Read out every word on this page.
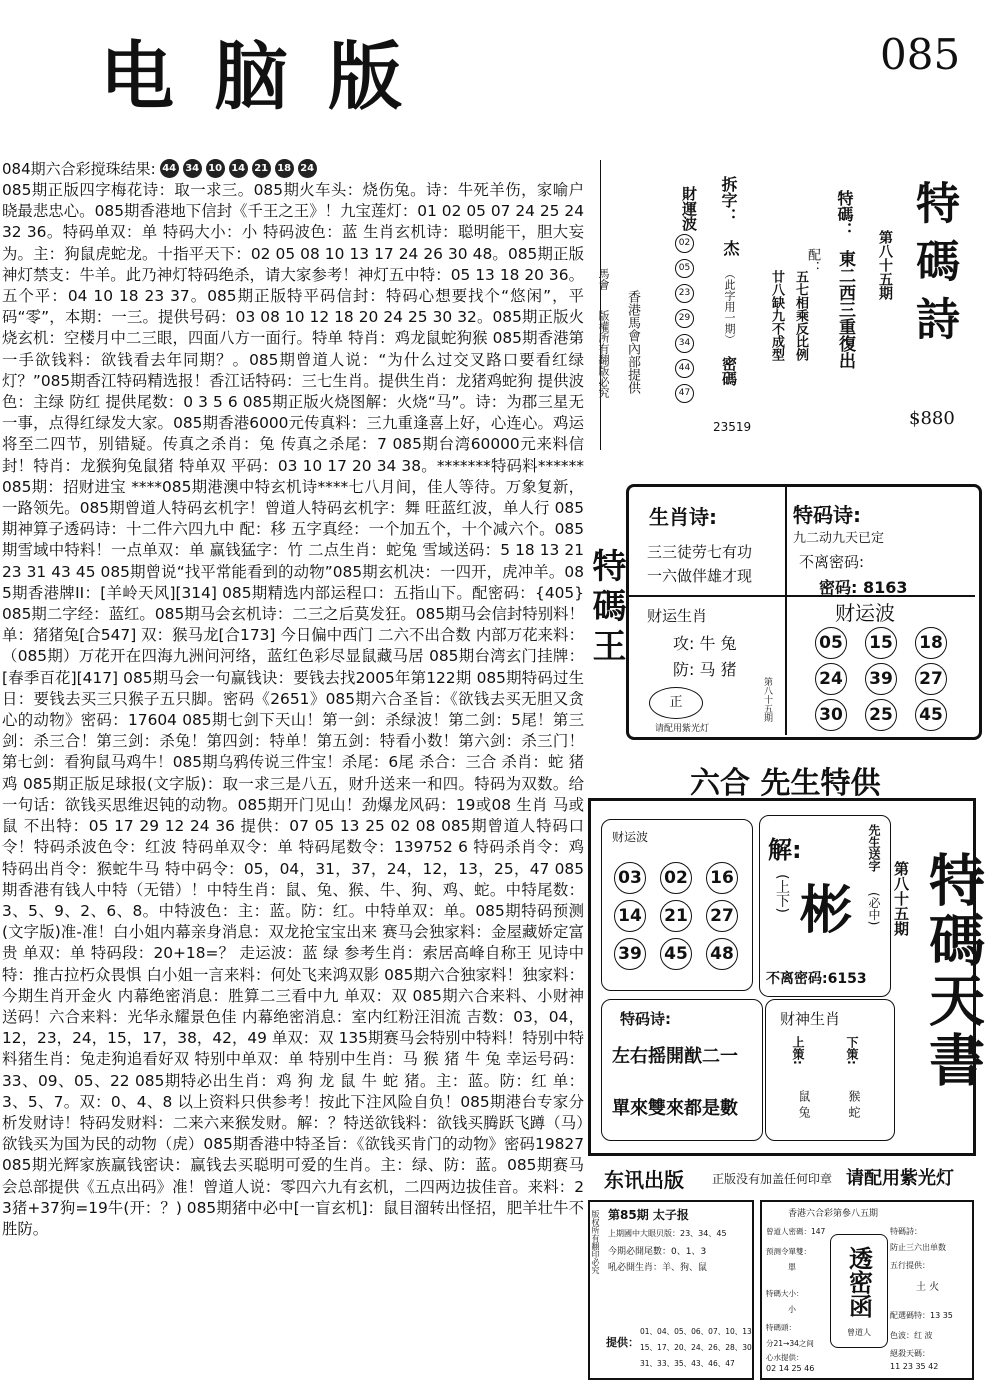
电脑版	085
084期六合彩搅珠结果: 44 34 10 14 21 18 24
085期正版四字梅花诗：取一求三。085期火车头：烧伤兔。诗：牛死羊伤，家喻户晓最悲忠心。085期香港地下信封《千王之王》！九宝莲灯：01 02 05 07 24 25 24 32 36。特码单双：单 特码大小：小 特码波色：蓝 生肖玄机诗：聪明能干，胆大妄为。主：狗鼠虎蛇龙。十指平天下：02 05 08 10 13 17 24 26 30 48。085期正版神灯禁支：牛羊。此乃神灯特码绝杀，请大家参考！神灯五中特：05 13 18 20 36。五个平：04 10 18 23 37。085期正版特平码信封：特码心想要找个“悠闲”，平码“零”，本期：一三。提供号码：03 08 10 12 18 20 24 25 30 32。085期正版火烧玄机：空楼月中二三眼，四面八方一面行。特单 特肖：鸡龙鼠蛇狗猴 085期香港第一手欲钱料：欲钱看去年同期？。085期曾道人说：“为什么过交叉路口要看红绿灯？”085期香江特码精选报！香江话特码：三七生肖。提供生肖：龙猪鸡蛇狗 提供波色：主绿 防红 提供尾数：0 3 5 6 085期正版火烧图解：火烧“马”。诗：为郡三星无一事，点得红绿发大家。085期香港6000元传真料：三九重逢喜上好，心连心。鸡运将至二四节，别错疑。传真之杀肖：兔 传真之杀尾：7 085期台湾60000元来料信封！特肖：龙猴狗兔鼠猪 特单双 平码：03 10 17 20 34 38。*******特码料******085期：招财进宝 ****085期港澳中特玄机诗****七八月间，佳人等待。万象复新，一路领先。085期曾道人特码玄机字！曾道人特码玄机字：舞 旺蓝红波，单人行 085期神算子透码诗：十二件六四九中 配：移 五字真经：一个加五个，十个减六个。085期雪域中特料！一点单双：单 赢钱猛字：竹 二点生肖：蛇兔 雪域送码：5 18 13 21 23 31 43 45 085期曾说“找平常能看到的动物”085期玄机决：一四开，虎冲羊。085期香港牌II：[羊岭天风][314] 085期精选内部运程口：五指山下。配密码：{405} 085期二字经：蓝红。085期马会玄机诗：二三之后莫发狂。085期马会信封特别料！单：猪猪兔[合547] 双：猴马龙[合173] 今日偏中西门 二六不出合数 内部万花来料：（085期）万花开在四海九洲问河络，蓝红色彩尽显鼠藏马居 085期台湾玄门挂牌：[春季百花][417] 085期马会一句赢钱诀：要钱去找2005年第122期 085期特码过生日：要钱去买三只猴子五只脚。密码《2651》085期六合圣旨：《欲钱去买无胆又贪心的动物》密码：17604 085期七剑下天山！第一剑：杀绿波！第二剑：5尾！第三剑：杀三合！第三剑：杀兔！第四剑：特单！第五剑：特看小数！第六剑：杀三门！第七剑：看狗鼠马鸡牛！085期乌鸦传说三件宝！杀尾：6尾 杀合：三合 杀肖：蛇 猪 鸡 085期正版足球报(文字版)：取一求三是八五，财升送来一和四。特码为双数。给一句话：欲钱买思维迟钝的动物。085期开门见山！劲爆龙风码：19或08 生肖 马或鼠 不出特：05 17 29 12 24 36 提供：07 05 13 25 02 08 085期曾道人特码口令！特码杀波色令：红波 特码单双令：单 特码尾数令：139752 6 特码杀肖令：鸡 特码出肖令：猴蛇牛马 特中码令：05，04，31，37，24，12，13，25，47 085期香港有钱人中特（无错）！中特生肖：鼠、兔、猴、牛、狗、鸡、蛇。中特尾数：3、5、9、2、6、8。中特波色：主：蓝。防：红。中特单双：单。085期特码预测(文字版)准-准！白小姐内幕亲身消息：双龙抢宝宝出来 赛马会独家料：金屋藏娇定富贵 单双：单 特码段：20+18=？ 走运波：蓝 绿 参考生肖：索居高峰自称王 见诗中特：推古拉朽众畏惧 白小姐一言来料：何处飞来鸿双影 085期六合独家料！独家料：今期生肖开金火 内幕绝密消息：胜算二三看中九 单双：双 085期六合来料、小财神送码！六合来料：光华永耀景色佳 内幕绝密消息：室内红粉汪泪流 吉数：03，04，12，23，24，15，17，38，42，49 单双：双 135期赛马会特别中特料！特别中特料猪生肖：兔走狗追看好双 特别中单双：单 特别中生肖：马 猴 猪 牛 兔 幸运号码：33、09、05、22 085期特必出生肖：鸡 狗 龙 鼠 牛 蛇 猪。主：蓝。防：红 单：3、5、7。双：0、4、8 以上资料只供参考！按此下注风险自负！085期港台专家分析发财诗！特码发财料：二来六来猴发财。解：？特送欲钱料：欲钱买腾跃飞蹲（马）欲钱买为国为民的动物（虎）085期香港中特圣旨：《欲钱买肯门的动物》密码19827 085期光辉家族赢钱密诀：赢钱去买聪明可爱的生肖。主：绿、防：蓝。085期赛马会总部提供《五点出码》准！曾道人说：零四六九有玄机，二四两边拔佳音。来料：23猪+37狗=19牛(开：？) 085期猪中必中[一盲玄机]：鼠目溜转出怪招，肥羊壮牛不胜防。
馬會
版權所有翻版必究 香港馬會內部提供
財運波
02
05
23
29
34
44
47
拆字：
杰
（此字用一期）
密碼
23519
特碼：
東二西三重復出
配：
五七相乘反比例
廿八缺九不成型	特碼詩
第八十五期
$880
特碼王
生肖诗:
三三徒劳七有功
一六做伴雄才现
特码诗:
九二动九天已定
不离密码:
密码: 8163
财运生肖
攻: 牛 兔
防: 马 猪
正	第八十五期
请配用紫光灯
财运波
05 15 18
24 39 27
30 25 45
六合 先生特供
财运波
03 02 16
14 21 27
39 45 48
解:
(上下) 彬
先生送字
(必中)
不离密码:6153 特碼天書
第八十五期
特码诗:
左右摇開猷二一
單來雙來都是數
财神生肖
上策:
鼠 兔
下策:
猴 蛇
东讯出版 正版没有加盖任何印章 请配用紫光灯
版权所有翻印必究 第85期 太子报
上期國中大眼贝版：23、34、45
今期必開尾數：0、1、3
吼必開生肖：羊、狗、鼠
提供：
01、04、05、06、07、10、13
15、17、20、24、26、28、30
31、33、35、43、46、47
香港六合彩第參八五期
曾道人密碼：147
预测令單雙：
單
特碼大小：
小
特碼頭：
分21→34之间
心水提供：
02 14 25 46
透密函
曾道人
特碼詩：
防止三六出单数
五行提供：
土 火
配選碼特：13 35
色波：红 波
絕殺天碼：
11 23 35 42
